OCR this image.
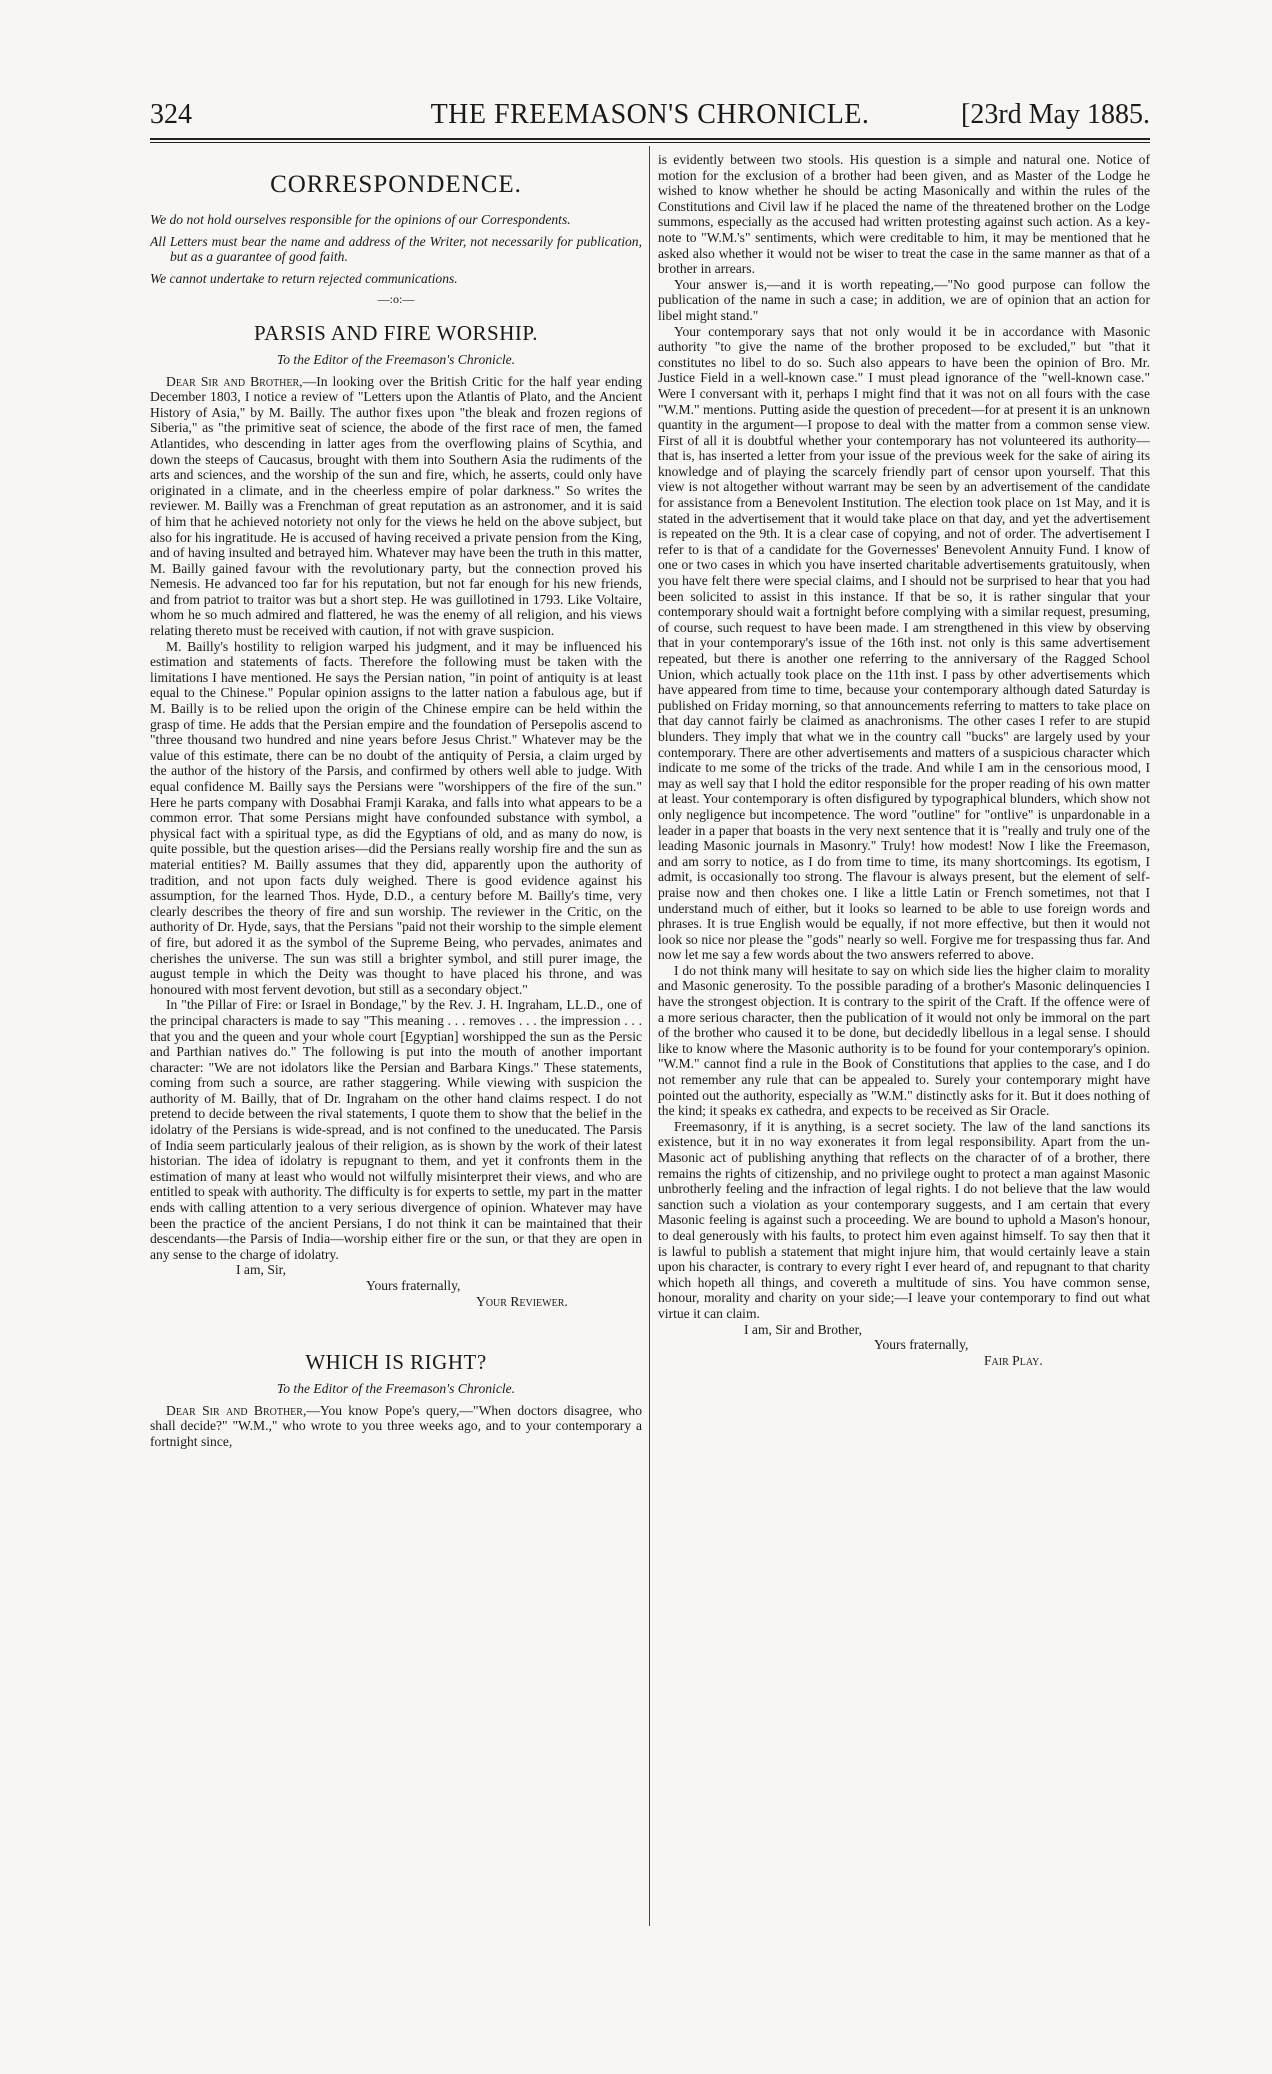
324	THE FREEMASON'S CHRONICLE.	[23rd May 1885.
CORRESPONDENCE.

We do not hold ourselves responsible for the opinions of our Correspondents.

All Letters must bear the name and address of the Writer, not necessarily for publication, but as a guarantee of good faith.

We cannot undertake to return rejected communications.

—:o:—
PARSIS AND FIRE WORSHIP.
To the Editor of the Freemason's Chronicle.

Dear Sir and Brother,—In looking over the British Critic for the half year ending December 1803, I notice a review of "Letters upon the Atlantis of Plato, and the Ancient History of Asia," by M. Bailly. The author fixes upon "the bleak and frozen regions of Siberia," as "the primitive seat of science, the abode of the first race of men, the famed Atlantides, who descending in latter ages from the overflowing plains of Scythia, and down the steeps of Caucasus, brought with them into Southern Asia the rudiments of the arts and sciences, and the worship of the sun and fire, which, he asserts, could only have originated in a climate, and in the cheerless empire of polar darkness." So writes the reviewer. M. Bailly was a Frenchman of great reputation as an astronomer, and it is said of him that he achieved notoriety not only for the views he held on the above subject, but also for his ingratitude. He is accused of having received a private pension from the King, and of having insulted and betrayed him. Whatever may have been the truth in this matter, M. Bailly gained favour with the revolutionary party, but the connection proved his Nemesis. He advanced too far for his reputation, but not far enough for his new friends, and from patriot to traitor was but a short step. He was guillotined in 1793. Like Voltaire, whom he so much admired and flattered, he was the enemy of all religion, and his views relating thereto must be received with caution, if not with grave suspicion.

M. Bailly's hostility to religion warped his judgment, and it may be influenced his estimation and statements of facts. Therefore the following must be taken with the limitations I have mentioned. He says the Persian nation, "in point of antiquity is at least equal to the Chinese." Popular opinion assigns to the latter nation a fabulous age, but if M. Bailly is to be relied upon the origin of the Chinese empire can be held within the grasp of time. He adds that the Persian empire and the foundation of Persepolis ascend to "three thousand two hundred and nine years before Jesus Christ." Whatever may be the value of this estimate, there can be no doubt of the antiquity of Persia, a claim urged by the author of the history of the Parsis, and confirmed by others well able to judge. With equal confidence M. Bailly says the Persians were "worshippers of the fire of the sun." Here he parts company with Dosabhai Framji Karaka, and falls into what appears to be a common error. That some Persians might have confounded substance with symbol, a physical fact with a spiritual type, as did the Egyptians of old, and as many do now, is quite possible, but the question arises—did the Persians really worship fire and the sun as material entities? M. Bailly assumes that they did, apparently upon the authority of tradition, and not upon facts duly weighed. There is good evidence against his assumption, for the learned Thos. Hyde, D.D., a century before M. Bailly's time, very clearly describes the theory of fire and sun worship. The reviewer in the Critic, on the authority of Dr. Hyde, says, that the Persians "paid not their worship to the simple element of fire, but adored it as the symbol of the Supreme Being, who pervades, animates and cherishes the universe. The sun was still a brighter symbol, and still purer image, the august temple in which the Deity was thought to have placed his throne, and was honoured with most fervent devotion, but still as a secondary object."

In "the Pillar of Fire: or Israel in Bondage," by the Rev. J. H. Ingraham, LL.D., one of the principal characters is made to say "This meaning . . . removes . . . the impression . . . that you and the queen and your whole court [Egyptian] worshipped the sun as the Persic and Parthian natives do." The following is put into the mouth of another important character: "We are not idolators like the Persian and Barbara Kings." These statements, coming from such a source, are rather staggering. While viewing with suspicion the authority of M. Bailly, that of Dr. Ingraham on the other hand claims respect. I do not pretend to decide between the rival statements, I quote them to show that the belief in the idolatry of the Persians is wide-spread, and is not confined to the uneducated. The Parsis of India seem particularly jealous of their religion, as is shown by the work of their latest historian. The idea of idolatry is repugnant to them, and yet it confronts them in the estimation of many at least who would not wilfully misinterpret their views, and who are entitled to speak with authority. The difficulty is for experts to settle, my part in the matter ends with calling attention to a very serious divergence of opinion. Whatever may have been the practice of the ancient Persians, I do not think it can be maintained that their descendants—the Parsis of India—worship either fire or the sun, or that they are open in any sense to the charge of idolatry.

I am, Sir,

Yours fraternally,

Your Reviewer.

WHICH IS RIGHT?
To the Editor of the Freemason's Chronicle.

Dear Sir and Brother,—You know Pope's query,—"When doctors disagree, who shall decide?" "W.M.," who wrote to you three weeks ago, and to your contemporary a fortnight since,

is evidently between two stools. His question is a simple and natural one. Notice of motion for the exclusion of a brother had been given, and as Master of the Lodge he wished to know whether he should be acting Masonically and within the rules of the Constitutions and Civil law if he placed the name of the threatened brother on the Lodge summons, especially as the accused had written protesting against such action. As a key-note to "W.M.'s" sentiments, which were creditable to him, it may be mentioned that he asked also whether it would not be wiser to treat the case in the same manner as that of a brother in arrears.

Your answer is,—and it is worth repeating,—"No good purpose can follow the publication of the name in such a case; in addition, we are of opinion that an action for libel might stand."

Your contemporary says that not only would it be in accordance with Masonic authority "to give the name of the brother proposed to be excluded," but "that it constitutes no libel to do so. Such also appears to have been the opinion of Bro. Mr. Justice Field in a well-known case." I must plead ignorance of the "well-known case." Were I conversant with it, perhaps I might find that it was not on all fours with the case "W.M." mentions. Putting aside the question of precedent—for at present it is an unknown quantity in the argument—I propose to deal with the matter from a common sense view. First of all it is doubtful whether your contemporary has not volunteered its authority—that is, has inserted a letter from your issue of the previous week for the sake of airing its knowledge and of playing the scarcely friendly part of censor upon yourself. That this view is not altogether without warrant may be seen by an advertisement of the candidate for assistance from a Benevolent Institution. The election took place on 1st May, and it is stated in the advertisement that it would take place on that day, and yet the advertisement is repeated on the 9th. It is a clear case of copying, and not of order. The advertisement I refer to is that of a candidate for the Governesses' Benevolent Annuity Fund. I know of one or two cases in which you have inserted charitable advertisements gratuitously, when you have felt there were special claims, and I should not be surprised to hear that you had been solicited to assist in this instance. If that be so, it is rather singular that your contemporary should wait a fortnight before complying with a similar request, presuming, of course, such request to have been made. I am strengthened in this view by observing that in your contemporary's issue of the 16th inst. not only is this same advertisement repeated, but there is another one referring to the anniversary of the Ragged School Union, which actually took place on the 11th inst. I pass by other advertisements which have appeared from time to time, because your contemporary although dated Saturday is published on Friday morning, so that announcements referring to matters to take place on that day cannot fairly be claimed as anachronisms. The other cases I refer to are stupid blunders. They imply that what we in the country call "bucks" are largely used by your contemporary. There are other advertisements and matters of a suspicious character which indicate to me some of the tricks of the trade. And while I am in the censorious mood, I may as well say that I hold the editor responsible for the proper reading of his own matter at least. Your contemporary is often disfigured by typographical blunders, which show not only negligence but incompetence. The word "outline" for "ontlive" is unpardonable in a leader in a paper that boasts in the very next sentence that it is "really and truly one of the leading Masonic journals in Masonry." Truly! how modest! Now I like the Freemason, and am sorry to notice, as I do from time to time, its many shortcomings. Its egotism, I admit, is occasionally too strong. The flavour is always present, but the element of self-praise now and then chokes one. I like a little Latin or French sometimes, not that I understand much of either, but it looks so learned to be able to use foreign words and phrases. It is true English would be equally, if not more effective, but then it would not look so nice nor please the "gods" nearly so well. Forgive me for trespassing thus far. And now let me say a few words about the two answers referred to above.

I do not think many will hesitate to say on which side lies the higher claim to morality and Masonic generosity. To the possible parading of a brother's Masonic delinquencies I have the strongest objection. It is contrary to the spirit of the Craft. If the offence were of a more serious character, then the publication of it would not only be immoral on the part of the brother who caused it to be done, but decidedly libellous in a legal sense. I should like to know where the Masonic authority is to be found for your contemporary's opinion. "W.M." cannot find a rule in the Book of Constitutions that applies to the case, and I do not remember any rule that can be appealed to. Surely your contemporary might have pointed out the authority, especially as "W.M." distinctly asks for it. But it does nothing of the kind; it speaks ex cathedra, and expects to be received as Sir Oracle.

Freemasonry, if it is anything, is a secret society. The law of the land sanctions its existence, but it in no way exonerates it from legal responsibility. Apart from the un-Masonic act of publishing anything that reflects on the character of of a brother, there remains the rights of citizenship, and no privilege ought to protect a man against Masonic unbrotherly feeling and the infraction of legal rights. I do not believe that the law would sanction such a violation as your contemporary suggests, and I am certain that every Masonic feeling is against such a proceeding. We are bound to uphold a Mason's honour, to deal generously with his faults, to protect him even against himself. To say then that it is lawful to publish a statement that might injure him, that would certainly leave a stain upon his character, is contrary to every right I ever heard of, and repugnant to that charity which hopeth all things, and covereth a multitude of sins. You have common sense, honour, morality and charity on your side;—I leave your contemporary to find out what virtue it can claim.

I am, Sir and Brother,

Yours fraternally,

Fair Play.
